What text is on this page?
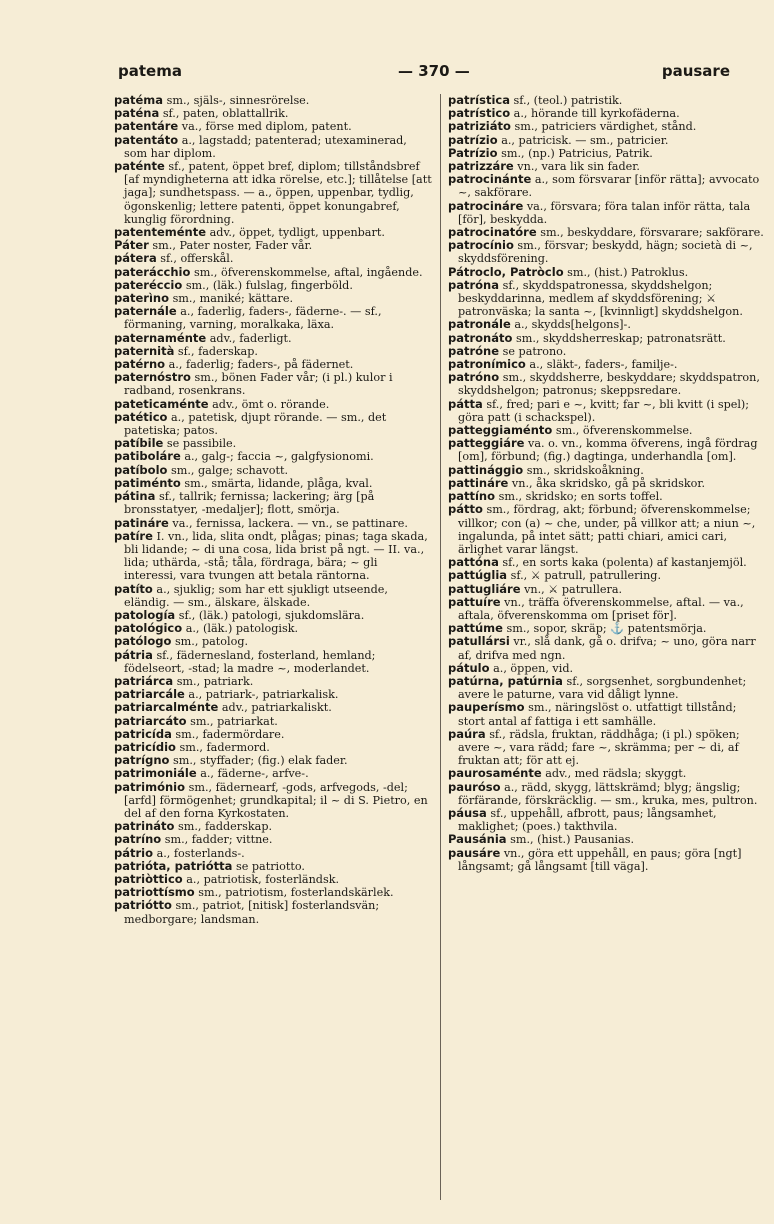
patema	— 370 —	pausare
patéma sm., själs-, sinnesrörelse.
paténa sf., paten, oblattallrik.
patentáre va., förse med diplom, patent.
patentáto a., lagstadd; patenterad; utexaminerad, som har diplom.
paténte sf., patent, öppet bref, diplom; tillståndsbref [af myndigheterna att idka rörelse, etc.]; tillåtelse [att jaga]; sundhetspass. — a., öppen, uppenbar, tydlig, ögonskenlig; lettere patenti, öppet konungabref, kunglig förordning.
patenteménte adv., öppet, tydligt, uppenbart.
Páter sm., Pater noster, Fader vår.
pátera sf., offerskål.
paterácchio sm., öfverenskommelse, aftal, ingående.
pateréccio sm., (läk.) fulslag, fingerböld.
paterìno sm., maniké; kättare.
paternále a., faderlig, faders-, fäderne-. — sf., förmaning, varning, moralkaka, läxa.
paternaménte adv., faderligt.
paternità sf., faderskap.
patérno a., faderlig; faders-, på fädernet.
paternóstro sm., bönen Fader vår; (i pl.) kulor i radband, rosenkrans.
pateticaménte adv., ömt o. rörande.
patético a., patetisk, djupt rörande. — sm., det patetiska; patos.
patíbile se passibile.
patiboláre a., galg-; faccia ~, galgfysionomi.
patíbolo sm., galge; schavott.
patiménto sm., smärta, lidande, plåga, kval.
pátina sf., tallrik; fernissa; lackering; ärg [på bronsstatyer, -medaljer]; flott, smörja.
patináre va., fernissa, lackera. — vn., se pattinare.
patíre I. vn., lida, slita ondt, plågas; pinas; taga skada, bli lidande; ~ di una cosa, lida brist på ngt. — II. va., lida; uthärda, -stå; tåla, fördraga, bära; ~ gli interessi, vara tvungen att betala räntorna.
patíto a., sjuklig; som har ett sjukligt utseende, eländig. — sm., älskare, älskade.
patología sf., (läk.) patologi, sjukdomslära.
patológico a., (läk.) patologisk.
patólogo sm., patolog.
pátria sf., fädernesland, fosterland, hemland; födelseort, -stad; la madre ~, moderlandet.
patriárca sm., patriark.
patriarcále a., patriark-, patriarkalisk.
patriarcalménte adv., patriarkaliskt.
patriarcáto sm., patriarkat.
patricída sm., fadermördare.
patricídio sm., fadermord.
patrígno sm., styffader; (fig.) elak fader.
patrimoniále a., fäderne-, arfve-.
património sm., fädernearf, -gods, arfvegods, -del; [arfd] förmögenhet; grundkapital; il ~ di S. Pietro, en del af den forna Kyrkostaten.
patrináto sm., fadderskap.
patríno sm., fadder; vittne.
pátrio a., fosterlands-.
patrióta, patriótta se patriotto.
patriòttico a., patriotisk, fosterländsk.
patriottísmo sm., patriotism, fosterlandskärlek.
patriótto sm., patriot, [nitisk] fosterlandsvän; medborgare; landsman.
patrística sf., (teol.) patristik.
patrístico a., hörande till kyrkofäderna.
patriziáto sm., patriciers värdighet, stånd.
patrízio a., patricisk. — sm., patricier.
Patrízio sm., (np.) Patricius, Patrik.
patrizzáre vn., vara lik sin fader.
patrocinánte a., som försvarar [inför rätta]; avvocato ~, sakförare.
patrocináre va., försvara; föra talan inför rätta, tala [för], beskydda.
patrocinatóre sm., beskyddare, försvarare; sakförare.
patrocínio sm., försvar; beskydd, hägn; società di ~, skyddsförening.
Pátroclo, Patròclo sm., (hist.) Patroklus.
patróna sf., skyddspatronessa, skyddshelgon; beskyddarinna, medlem af skyddsförening; ⚔ patronväska; la santa ~, [kvinnligt] skyddshelgon.
patronále a., skydds[helgons]-.
patronáto sm., skyddsherreskap; patronatsrätt.
patróne se patrono.
patronímico a., släkt-, faders-, familje-.
patróno sm., skyddsherre, beskyddare; skyddspatron, skyddshelgon; patronus; skeppsredare.
pátta sf., fred; pari e ~, kvitt; far ~, bli kvitt (i spel); göra patt (i schackspel).
patteggiaménto sm., öfverenskommelse.
patteggiáre va. o. vn., komma öfverens, ingå fördrag [om], förbund; (fig.) dagtinga, underhandla [om].
pattinággio sm., skridskoåkning.
pattináre vn., åka skridsko, gå på skridskor.
pattíno sm., skridsko; en sorts toffel.
pátto sm., fördrag, akt; förbund; öfverenskommelse; villkor; con (a) ~ che, under, på villkor att; a niun ~, ingalunda, på intet sätt; patti chiari, amici cari, ärlighet varar längst.
pattóna sf., en sorts kaka (polenta) af kastanjemjöl.
pattúglia sf., ⚔ patrull, patrullering.
pattugliáre vn., ⚔ patrullera.
pattuíre vn., träffa öfverenskommelse, aftal. — va., aftala, öfverenskomma om [priset för].
pattúme sm., sopor, skräp; ⚓ patentsmörja.
patullársi vr., slå dank, gå o. drifva; ~ uno, göra narr af, drifva med ngn.
pátulo a., öppen, vid.
patúrna, patúrnia sf., sorgsenhet, sorgbundenhet; avere le paturne, vara vid dåligt lynne.
pauperísmo sm., näringslöst o. utfattigt tillstånd; stort antal af fattiga i ett samhälle.
paúra sf., rädsla, fruktan, räddhåga; (i pl.) spöken; avere ~, vara rädd; fare ~, skrämma; per ~ di, af fruktan att; för att ej.
paurosaménte adv., med rädsla; skyggt.
pauróso a., rädd, skygg, lättskrämd; blyg; ängslig; förfärande, förskräcklig. — sm., kruka, mes, pultron.
páusa sf., uppehåll, afbrott, paus; långsamhet, maklighet; (poes.) takthvila.
Pausánia sm., (hist.) Pausanias.
pausáre vn., göra ett uppehåll, en paus; göra [ngt] långsamt; gå långsamt [till väga].
